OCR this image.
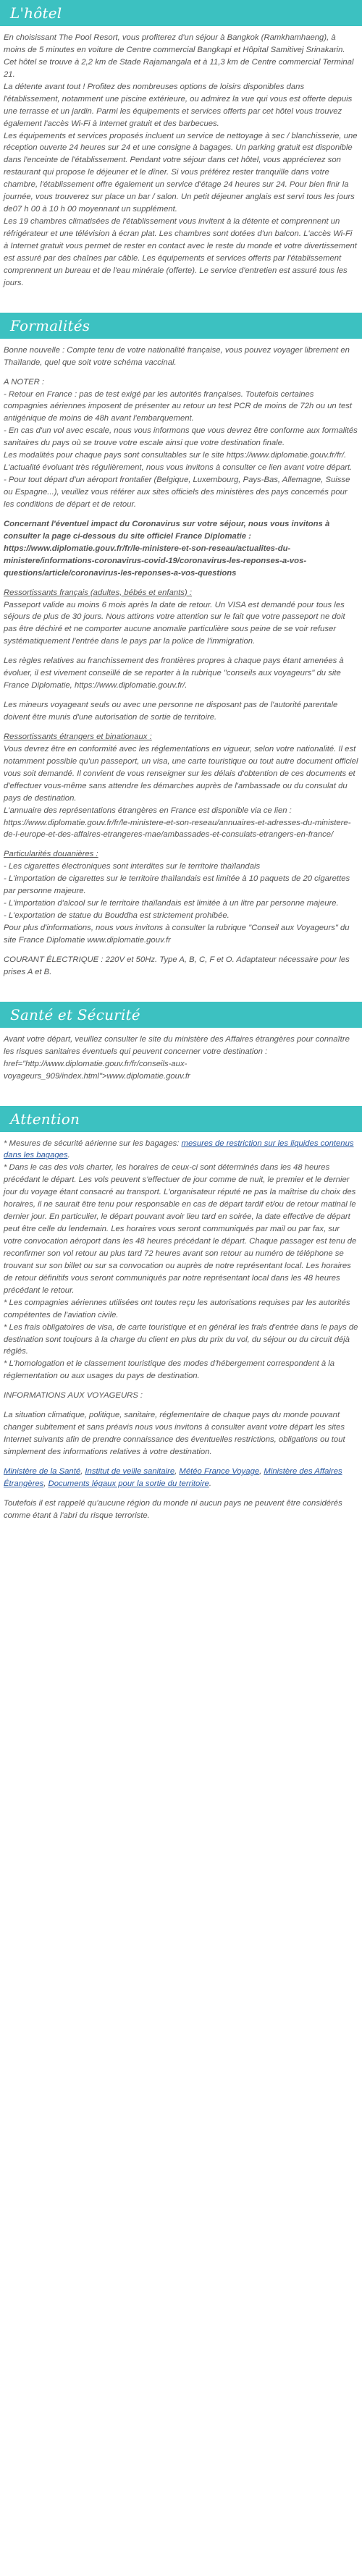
L'hôtel
En choisissant The Pool Resort, vous profiterez d'un séjour à Bangkok (Ramkhamhaeng), à moins de 5 minutes en voiture de Centre commercial Bangkapi et Hôpital Samitivej Srinakarin. Cet hôtel se trouve à 2,2 km de Stade Rajamangala et à 11,3 km de Centre commercial Terminal 21.
La détente avant tout ! Profitez des nombreuses options de loisirs disponibles dans l'établissement, notamment une piscine extérieure, ou admirez la vue qui vous est offerte depuis une terrasse et un jardin. Parmi les équipements et services offerts par cet hôtel vous trouvez également l'accès Wi-Fi à Internet gratuit et des barbecues.
Les équipements et services proposés incluent un service de nettoyage à sec / blanchisserie, une réception ouverte 24 heures sur 24 et une consigne à bagages. Un parking gratuit est disponible dans l'enceinte de l'établissement. Pendant votre séjour dans cet hôtel, vous apprécierez son restaurant qui propose le déjeuner et le dîner. Si vous préférez rester tranquille dans votre chambre, l'établissement offre également un service d'étage 24 heures sur 24. Pour bien finir la journée, vous trouverez sur place un bar / salon. Un petit déjeuner anglais est servi tous les jours de07 h 00 à 10 h 00 moyennant un supplément.
Les 19 chambres climatisées de l'établissement vous invitent à la détente et comprennent un réfrigérateur et une télévision à écran plat. Les chambres sont dotées d'un balcon. L'accès Wi-Fi à Internet gratuit vous permet de rester en contact avec le reste du monde et votre divertissement est assuré par des chaînes par câble. Les équipements et services offerts par l'établissement comprennent un bureau et de l'eau minérale (offerte). Le service d'entretien est assuré tous les jours.
Formalités

Bonne nouvelle : Compte tenu de votre nationalité française, vous pouvez voyager librement en Thaïlande, quel que soit votre schéma vaccinal.

A NOTER :
- Retour en France : pas de test exigé par les autorités françaises. Toutefois certaines compagnies aériennes imposent de présenter au retour un test PCR de moins de 72h ou un test antigénique de moins de 48h avant l'embarquement.
- En cas d'un vol avec escale, nous vous informons que vous devrez être conforme aux formalités sanitaires du pays où se trouve votre escale ainsi que votre destination finale.
Les modalités pour chaque pays sont consultables sur le site https://www.diplomatie.gouv.fr/fr/. L'actualité évoluant très régulièrement, nous vous invitons à consulter ce lien avant votre départ.
- Pour tout départ d'un aéroport frontalier (Belgique, Luxembourg, Pays-Bas, Allemagne, Suisse ou Espagne...), veuillez vous référer aux sites officiels des ministères des pays concernés pour les conditions de départ et de retour.

Concernant l'éventuel impact du Coronavirus sur votre séjour, nous vous invitons à consulter la page ci-dessous du site officiel France Diplomatie : https://www.diplomatie.gouv.fr/fr/le-ministere-et-son-reseau/actualites-du-ministere/informations-coronavirus-covid-19/coronavirus-les-reponses-a-vos-questions/article/coronavirus-les-reponses-a-vos-questions

Ressortissants français (adultes, bébés et enfants) :
Passeport valide au moins 6 mois après la date de retour. Un VISA est demandé pour tous les séjours de plus de 30 jours. Nous attirons votre attention sur le fait que votre passeport ne doit pas être déchiré et ne comporter aucune anomalie particulière sous peine de se voir refuser systématiquement l'entrée dans le pays par la police de l'immigration.

Les règles relatives au franchissement des frontières propres à chaque pays étant amenées à évoluer, il est vivement conseillé de se reporter à la rubrique "conseils aux voyageurs" du site France Diplomatie, https://www.diplomatie.gouv.fr/.

Les mineurs voyageant seuls ou avec une personne ne disposant pas de l'autorité parentale doivent être munis d'une autorisation de sortie de territoire.

Ressortissants étrangers et binationaux :
Vous devrez être en conformité avec les réglementations en vigueur, selon votre nationalité. Il est notamment possible qu'un passeport, un visa, une carte touristique ou tout autre document officiel vous soit demandé. Il convient de vous renseigner sur les délais d'obtention de ces documents et d'effectuer vous-même sans attendre les démarches auprès de l'ambassade ou du consulat du pays de destination.
L'annuaire des représentations étrangères en France est disponible via ce lien : https://www.diplomatie.gouv.fr/fr/le-ministere-et-son-reseau/annuaires-et-adresses-du-ministere-de-l-europe-et-des-affaires-etrangeres-mae/ambassades-et-consulats-etrangers-en-france/

Particularités douanières :
- Les cigarettes électroniques sont interdites sur le territoire thaïlandais
- L'importation de cigarettes sur le territoire thaïlandais est limitée à 10 paquets de 20 cigarettes par personne majeure.
- L'importation d'alcool sur le territoire thaïlandais est limitée à un litre par personne majeure.
- L'exportation de statue du Bouddha est strictement prohibée.
Pour plus d'informations, nous vous invitons à consulter la rubrique "Conseil aux Voyageurs" du site France Diplomatie www.diplomatie.gouv.fr

COURANT ÉLECTRIQUE : 220V et 50Hz. Type A, B, C, F et O. Adaptateur nécessaire pour les prises A et B.

Santé et Sécurité

Avant votre départ, veuillez consulter le site du ministère des Affaires étrangères pour connaître les risques sanitaires éventuels qui peuvent concerner votre destination : href="http://www.diplomatie.gouv.fr/fr/conseils-aux-voyageurs_909/index.html">www.diplomatie.gouv.fr

Attention
* Mesures de sécurité aérienne sur les bagages: mesures de restriction sur les liquides contenus dans les bagages.
* Dans le cas des vols charter, les horaires de ceux-ci sont déterminés dans les 48 heures précédant le départ. Les vols peuvent s'effectuer de jour comme de nuit, le premier et le dernier jour du voyage étant consacré au transport. L'organisateur réputé ne pas la maîtrise du choix des horaires, il ne saurait être tenu pour responsable en cas de départ tardif et/ou de retour matinal le dernier jour. En particulier, le départ pouvant avoir lieu tard en soirée, la date effective de départ peut être celle du lendemain. Les horaires vous seront communiqués par mail ou par fax, sur votre convocation aéroport dans les 48 heures précédant le départ. Chaque passager est tenu de reconfirmer son vol retour au plus tard 72 heures avant son retour au numéro de téléphone se trouvant sur son billet ou sur sa convocation ou auprès de notre représentant local. Les horaires de retour définitifs vous seront communiqués par notre représentant local dans les 48 heures précédant le retour.
* Les compagnies aériennes utilisées ont toutes reçu les autorisations requises par les autorités compétentes de l'aviation civile.
* Les frais obligatoires de visa, de carte touristique et en général les frais d'entrée dans le pays de destination sont toujours à la charge du client en plus du prix du vol, du séjour ou du circuit déjà réglés.

* L'homologation et le classement touristique des modes d'hébergement correspondent à la réglementation ou aux usages du pays de destination.

INFORMATIONS AUX VOYAGEURS :

La situation climatique, politique, sanitaire, réglementaire de chaque pays du monde pouvant changer subitement et sans préavis nous vous invitons à consulter avant votre départ les sites Internet suivants afin de prendre connaissance des éventuelles restrictions, obligations ou tout simplement des informations relatives à votre destination.

Ministère de la Santé, Institut de veille sanitaire, Météo France Voyage, Ministère des Affaires Étrangères, Documents légaux pour la sortie du territoire.

Toutefois il est rappelé qu'aucune région du monde ni aucun pays ne peuvent être considérés comme étant à l'abri du risque terroriste.
